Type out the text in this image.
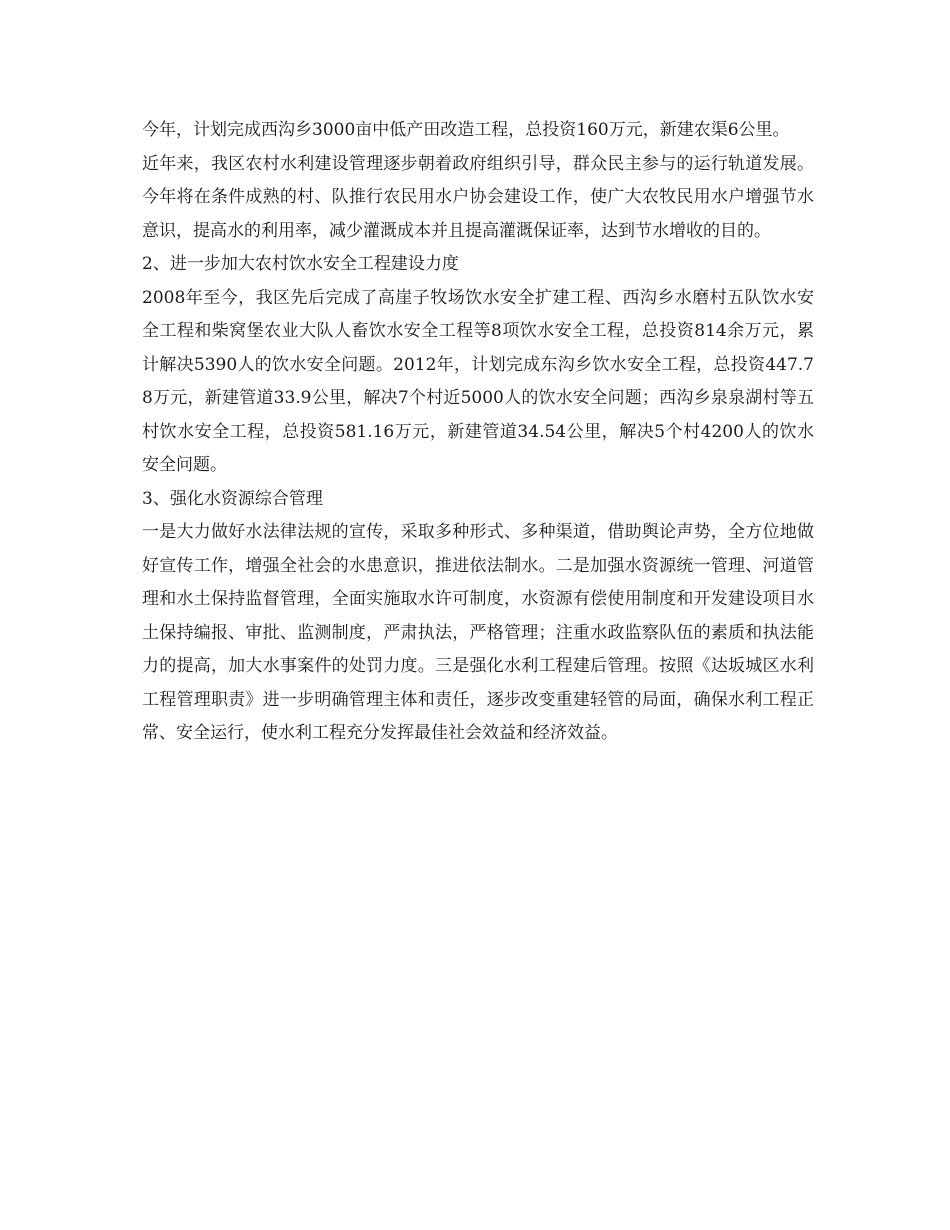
今年，计划完成西沟乡3000亩中低产田改造工程，总投资160万元，新建农渠6公里。

近年来，我区农村水利建设管理逐步朝着政府组织引导，群众民主参与的运行轨道发展。今年将在条件成熟的村、队推行农民用水户协会建设工作，使广大农牧民用水户增强节水意识，提高水的利用率，减少灌溉成本并且提高灌溉保证率，达到节水增收的目的。

2、进一步加大农村饮水安全工程建设力度

2008年至今，我区先后完成了高崖子牧场饮水安全扩建工程、西沟乡水磨村五队饮水安全工程和柴窝堡农业大队人畜饮水安全工程等8项饮水安全工程，总投资814余万元，累计解决5390人的饮水安全问题。2012年，计划完成东沟乡饮水安全工程，总投资447.78万元，新建管道33.9公里，解决7个村近5000人的饮水安全问题；西沟乡泉泉湖村等五村饮水安全工程，总投资581.16万元，新建管道34.54公里，解决5个村4200人的饮水安全问题。

3、强化水资源综合管理

一是大力做好水法律法规的宣传，采取多种形式、多种渠道，借助舆论声势，全方位地做好宣传工作，增强全社会的水患意识，推进依法制水。二是加强水资源统一管理、河道管理和水土保持监督管理，全面实施取水许可制度，水资源有偿使用制度和开发建设项目水土保持编报、审批、监测制度，严肃执法，严格管理；注重水政监察队伍的素质和执法能力的提高，加大水事案件的处罚力度。三是强化水利工程建后管理。按照《达坂城区水利工程管理职责》进一步明确管理主体和责任，逐步改变重建轻管的局面，确保水利工程正常、安全运行，使水利工程充分发挥最佳社会效益和经济效益。
